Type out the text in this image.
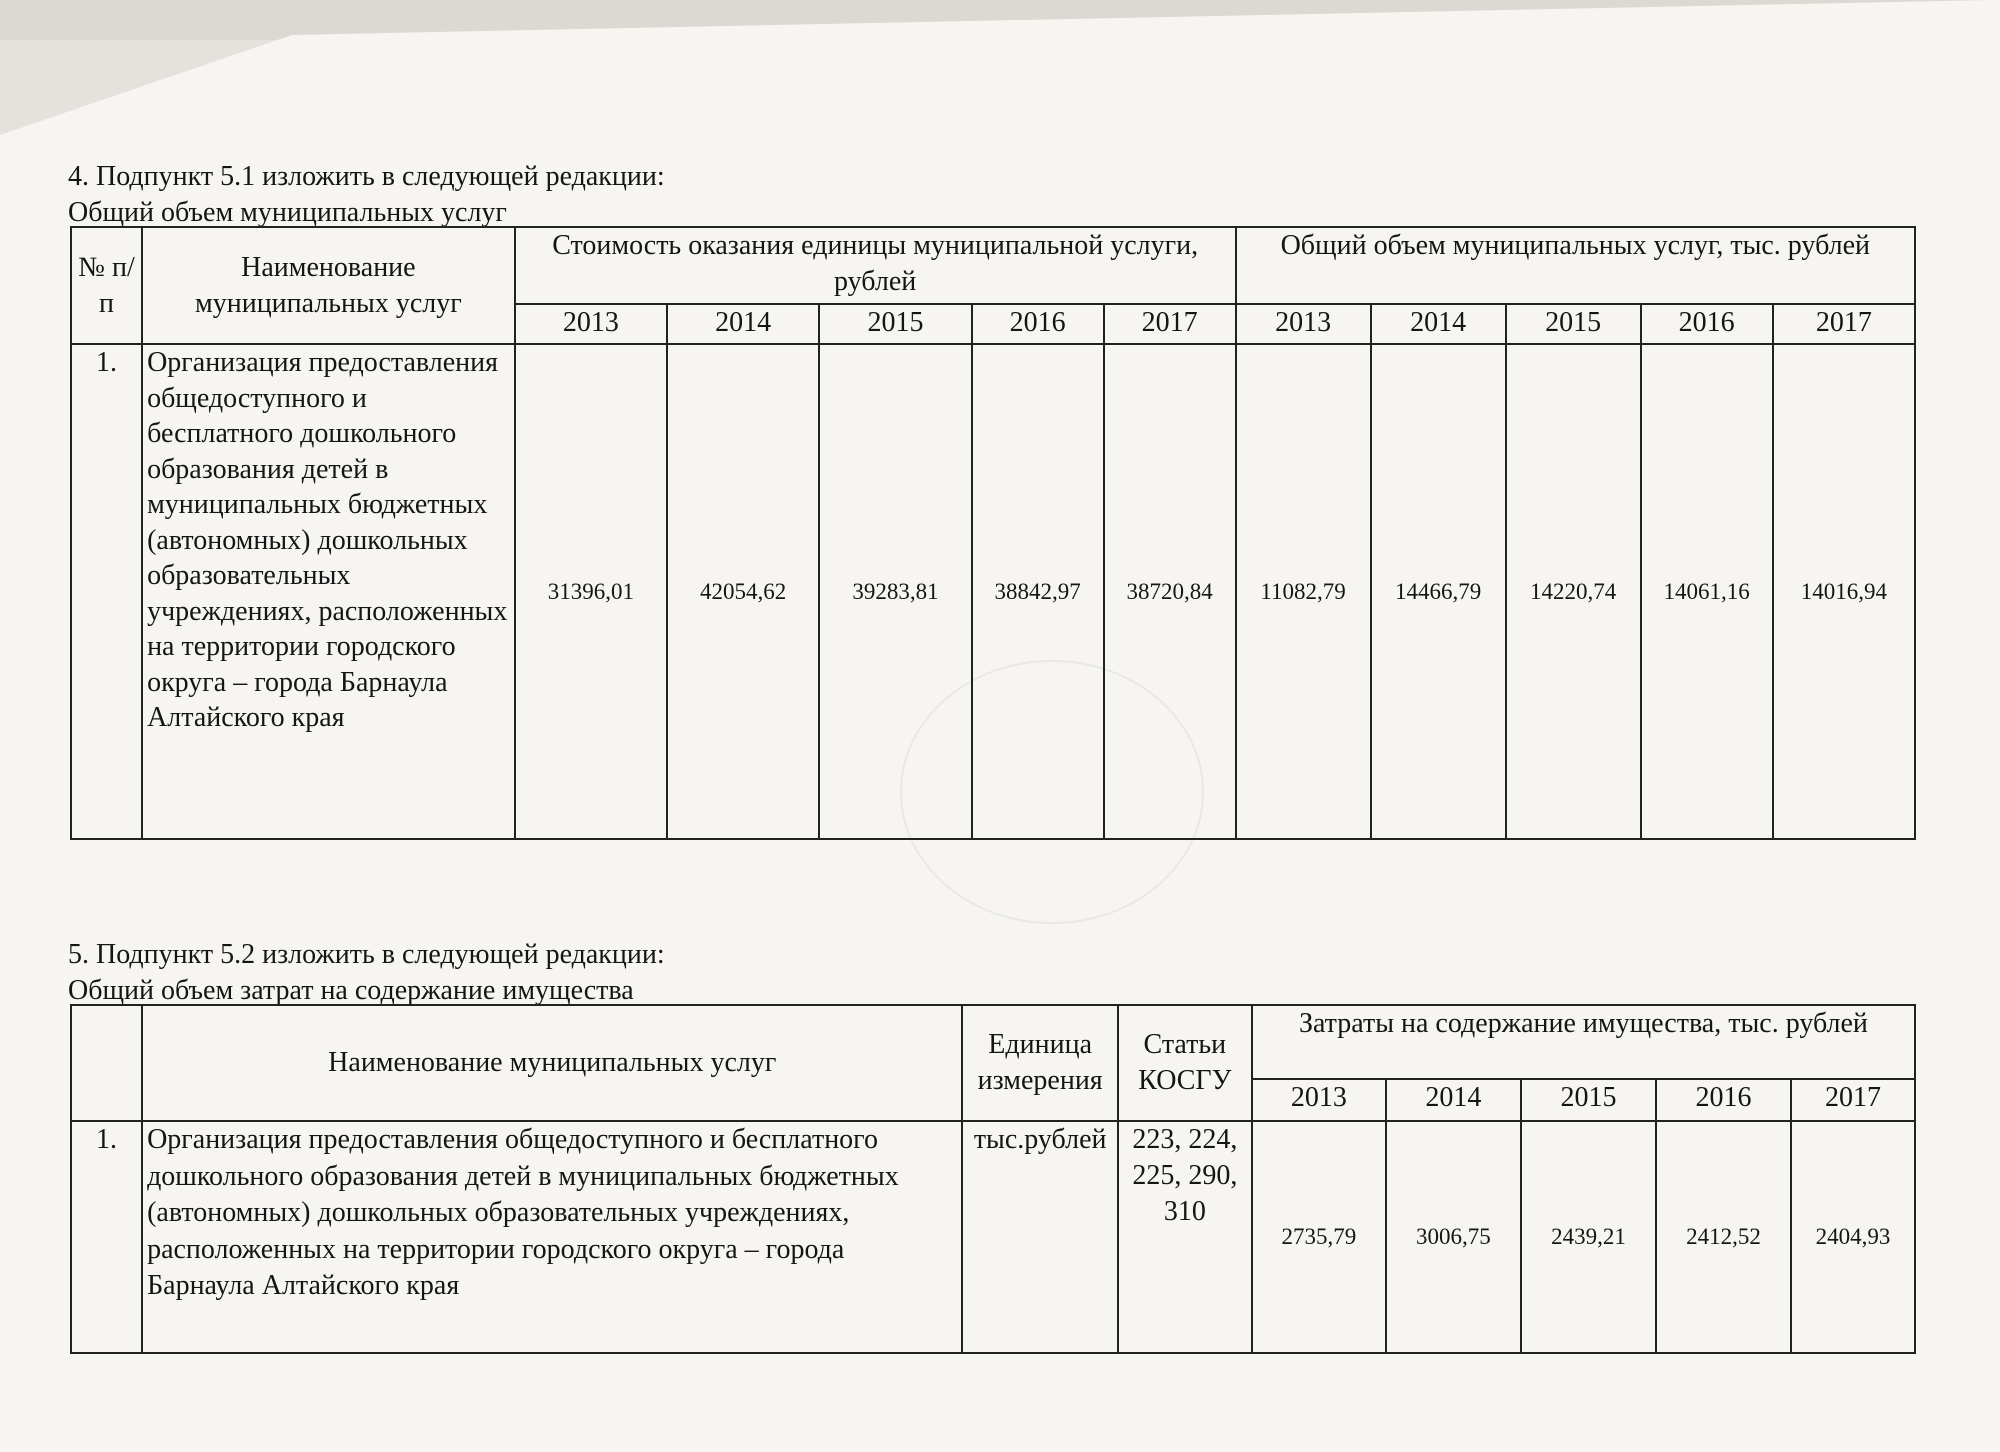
4. Подпункт 5.1 изложить в следующей редакции:
Общий объем муниципальных услуг
№ п/п	Наименование муниципальных услуг	Стоимость оказания единицы муниципальной услуги, рублей					Общий объем муниципальных услуг, тыс. рублей				
		2013	2014	2015	2016	2017	2013	2014	2015	2016	2017
1.	Организация предоставления общедоступного и бесплатного дошкольного образования детей в муниципальных бюджетных (автономных) дошкольных образовательных учреждениях, расположенных на территории городского округа – города Барнаула Алтайского края	31396,01	42054,62	39283,81	38842,97	38720,84	11082,79	14466,79	14220,74	14061,16	14016,94
5. Подпункт 5.2 изложить в следующей редакции:
Общий объем затрат на содержание имущества
	Наименование муниципальных услуг	Единица измерения	Статьи КОСГУ	Затраты на содержание имущества, тыс. рублей				
				2013	2014	2015	2016	2017
1.	Организация предоставления общедоступного и бесплатного дошкольного образования детей в муниципальных бюджетных (автономных) дошкольных образовательных учреждениях, расположенных на территории городского округа – города Барнаула Алтайского края	тыс.рублей	223, 224, 225, 290, 310	2735,79	3006,75	2439,21	2412,52	2404,93
